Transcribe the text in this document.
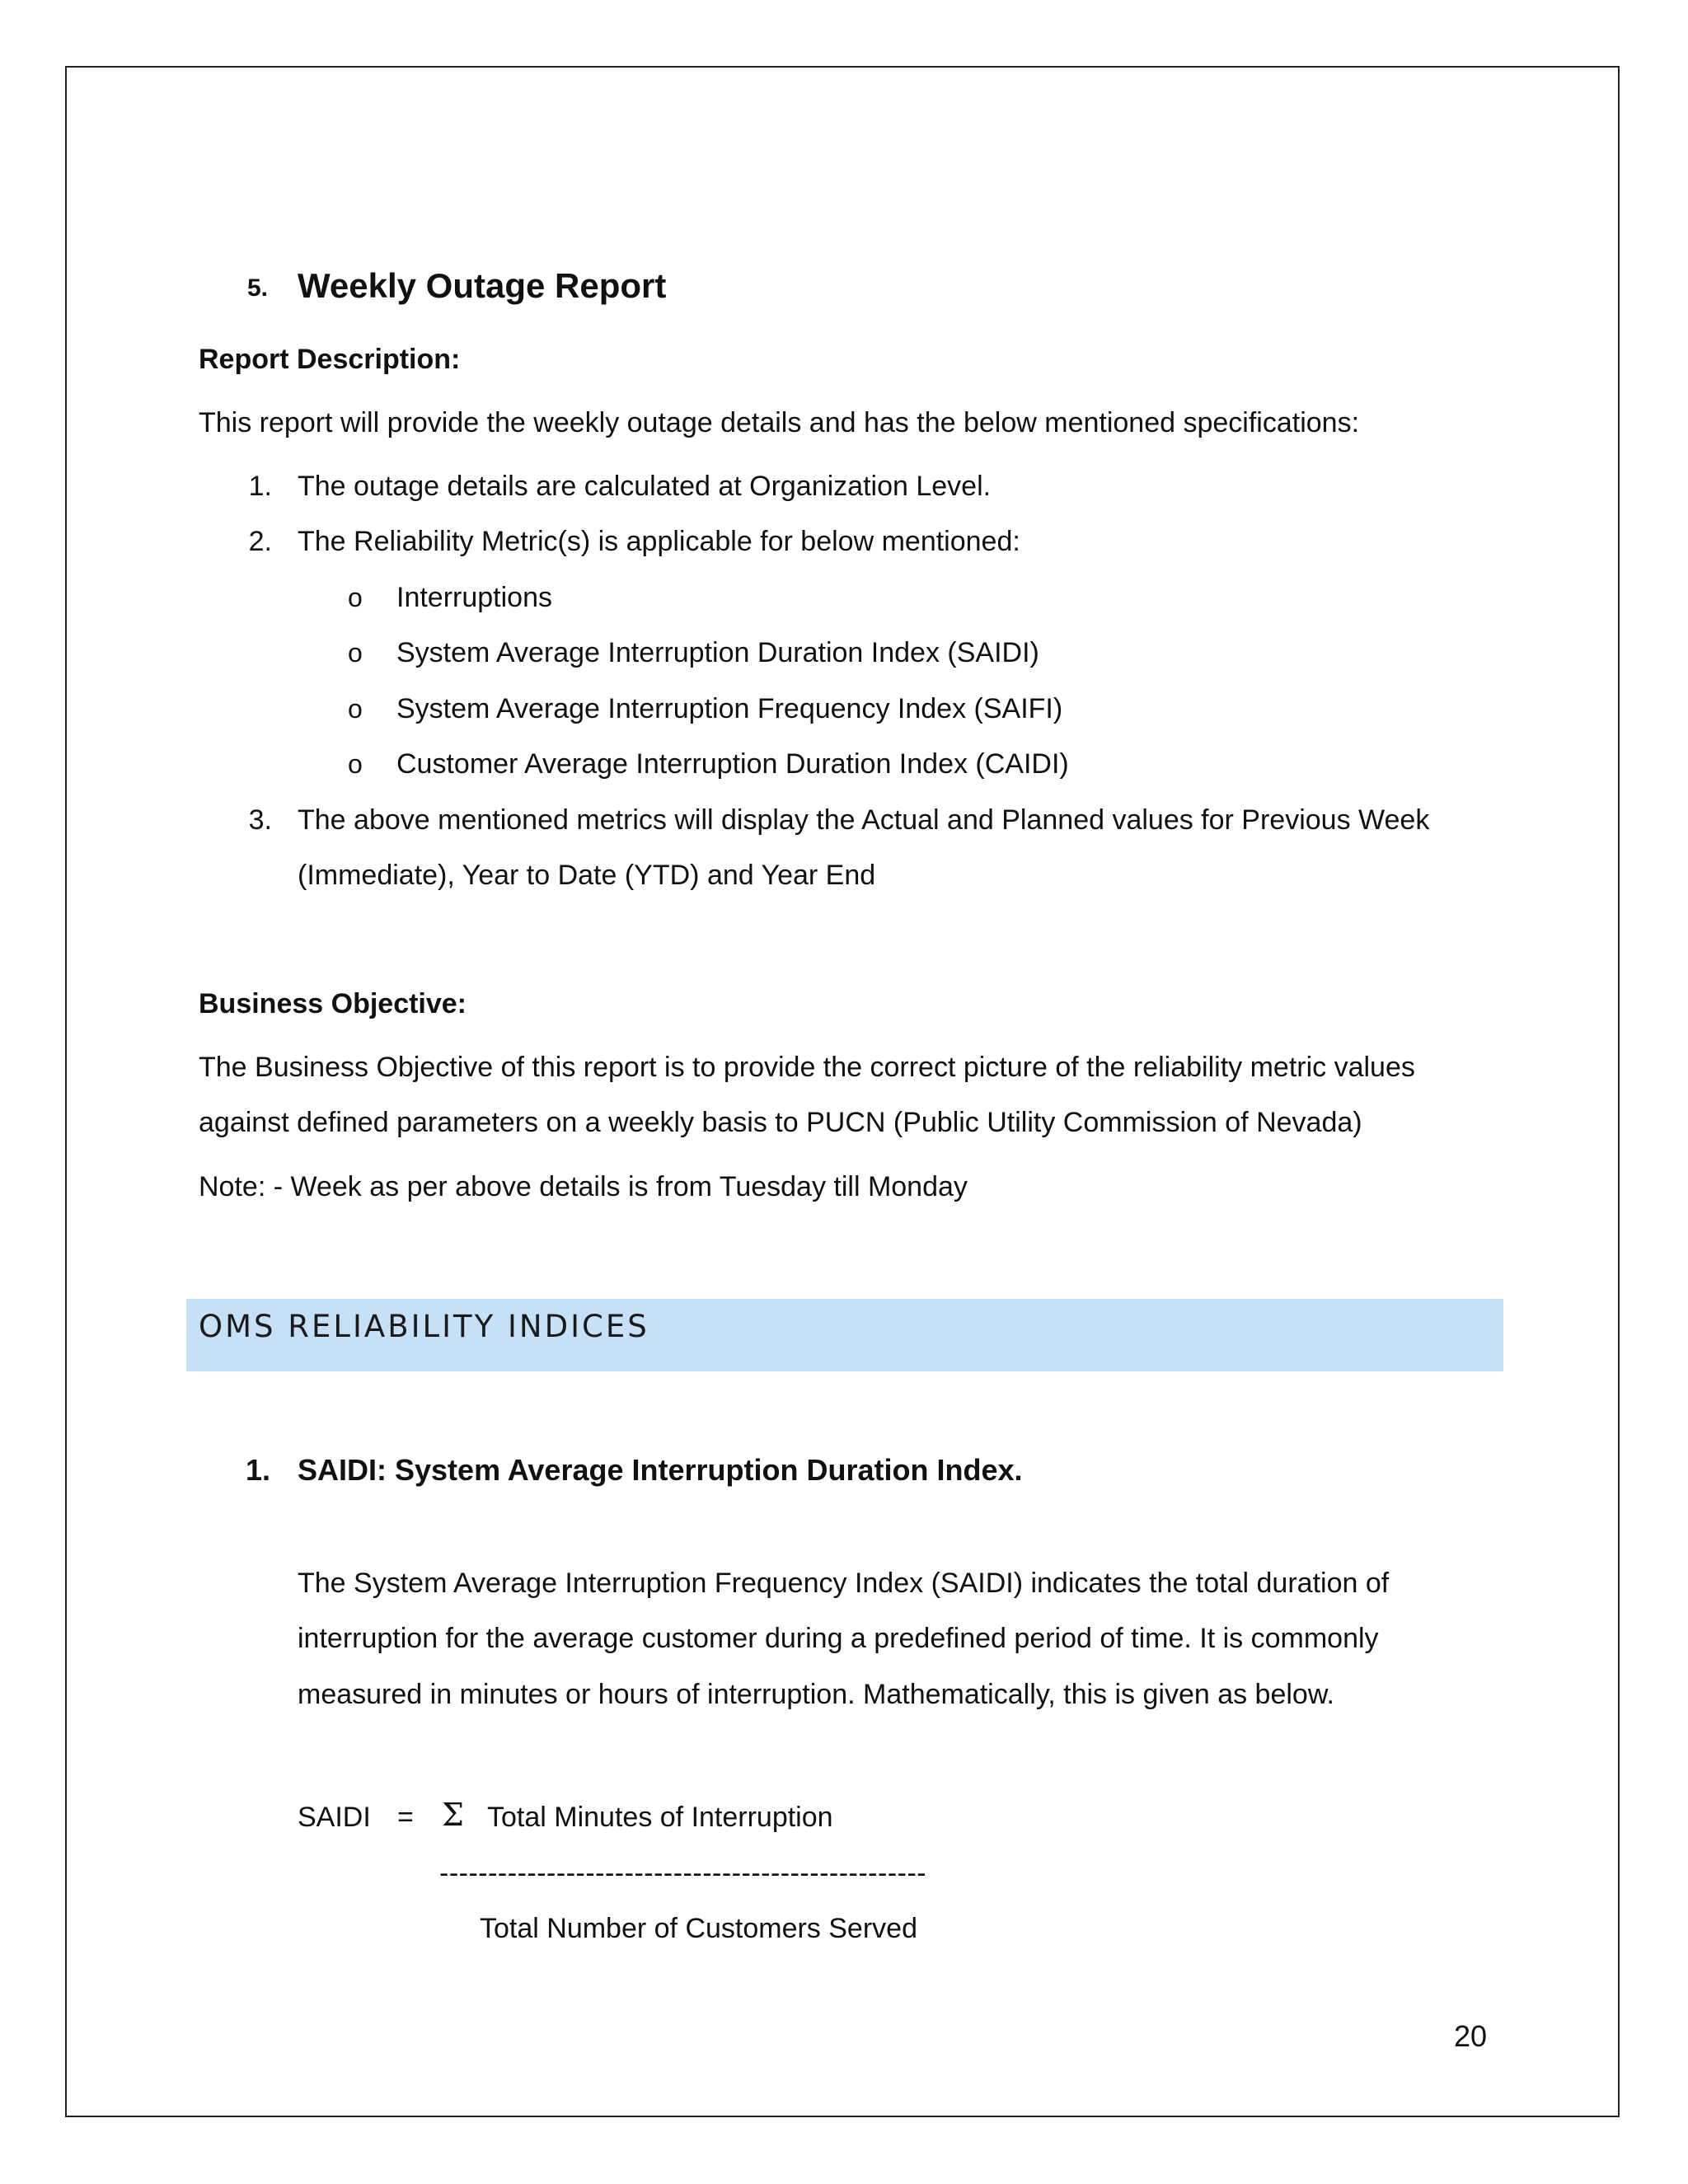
5. Weekly Outage Report
Report Description:
This report will provide the weekly outage details and has the below mentioned specifications:
1. The outage details are calculated at Organization Level.
2. The Reliability Metric(s) is applicable for below mentioned:
o Interruptions
o System Average Interruption Duration Index (SAIDI)
o System Average Interruption Frequency Index (SAIFI)
o Customer Average Interruption Duration Index (CAIDI)
3. The above mentioned metrics will display the Actual and Planned values for Previous Week
(Immediate), Year to Date (YTD) and Year End
Business Objective:
The Business Objective of this report is to provide the correct picture of the reliability metric values
against defined parameters on a weekly basis to PUCN (Public Utility Commission of Nevada)
Note: - Week as per above details is from Tuesday till Monday
OMS RELIABILITY INDICES
1. SAIDI: System Average Interruption Duration Index.
The System Average Interruption Frequency Index (SAIDI) indicates the total duration of
interruption for the average customer during a predefined period of time. It is commonly
measured in minutes or hours of interruption. Mathematically, this is given as below.
SAIDI = Σ Total Minutes of Interruption
--------------------------------------------------
Total Number of Customers Served
20
